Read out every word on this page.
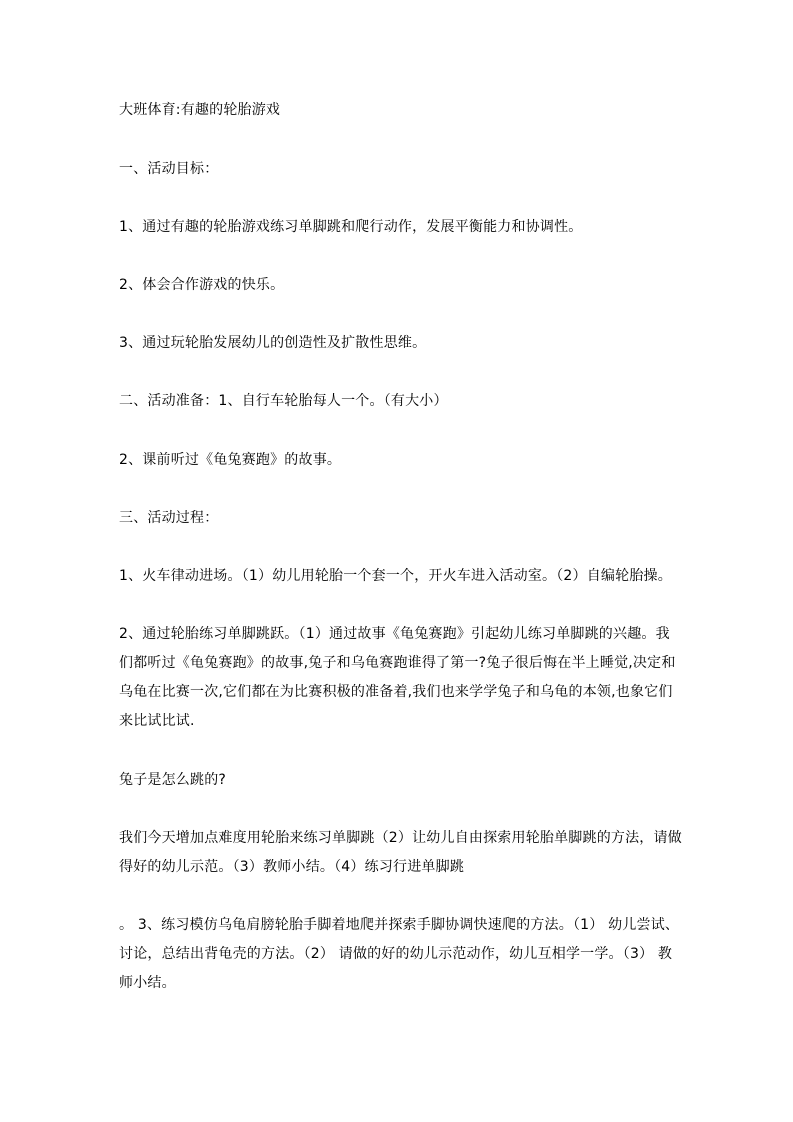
大班体育:有趣的轮胎游戏
一、活动目标：
1、通过有趣的轮胎游戏练习单脚跳和爬行动作，发展平衡能力和协调性。
2、体会合作游戏的快乐。
3、通过玩轮胎发展幼儿的创造性及扩散性思维。
二、活动准备：1、自行车轮胎每人一个。（有大小）
2、课前听过《龟兔赛跑》的故事。
三、活动过程：
1、火车律动进场。（1）幼儿用轮胎一个套一个，开火车进入活动室。（2）自编轮胎操。
2、通过轮胎练习单脚跳跃。（1）通过故事《龟兔赛跑》引起幼儿练习单脚跳的兴趣。我
们都听过《龟兔赛跑》的故事,兔子和乌龟赛跑谁得了第一?兔子很后悔在半上睡觉,决定和
乌龟在比赛一次,它们都在为比赛积极的准备着,我们也来学学兔子和乌龟的本领,也象它们
来比试比试.
兔子是怎么跳的?
我们今天增加点难度用轮胎来练习单脚跳（2）让幼儿自由探索用轮胎单脚跳的方法，请做
得好的幼儿示范。（3）教师小结。（4）练习行进单脚跳
。 3、练习模仿乌龟肩膀轮胎手脚着地爬并探索手脚协调快速爬的方法。（1） 幼儿尝试、
讨论，总结出背龟壳的方法。（2） 请做的好的幼儿示范动作，幼儿互相学一学。（3） 教
师小结。
